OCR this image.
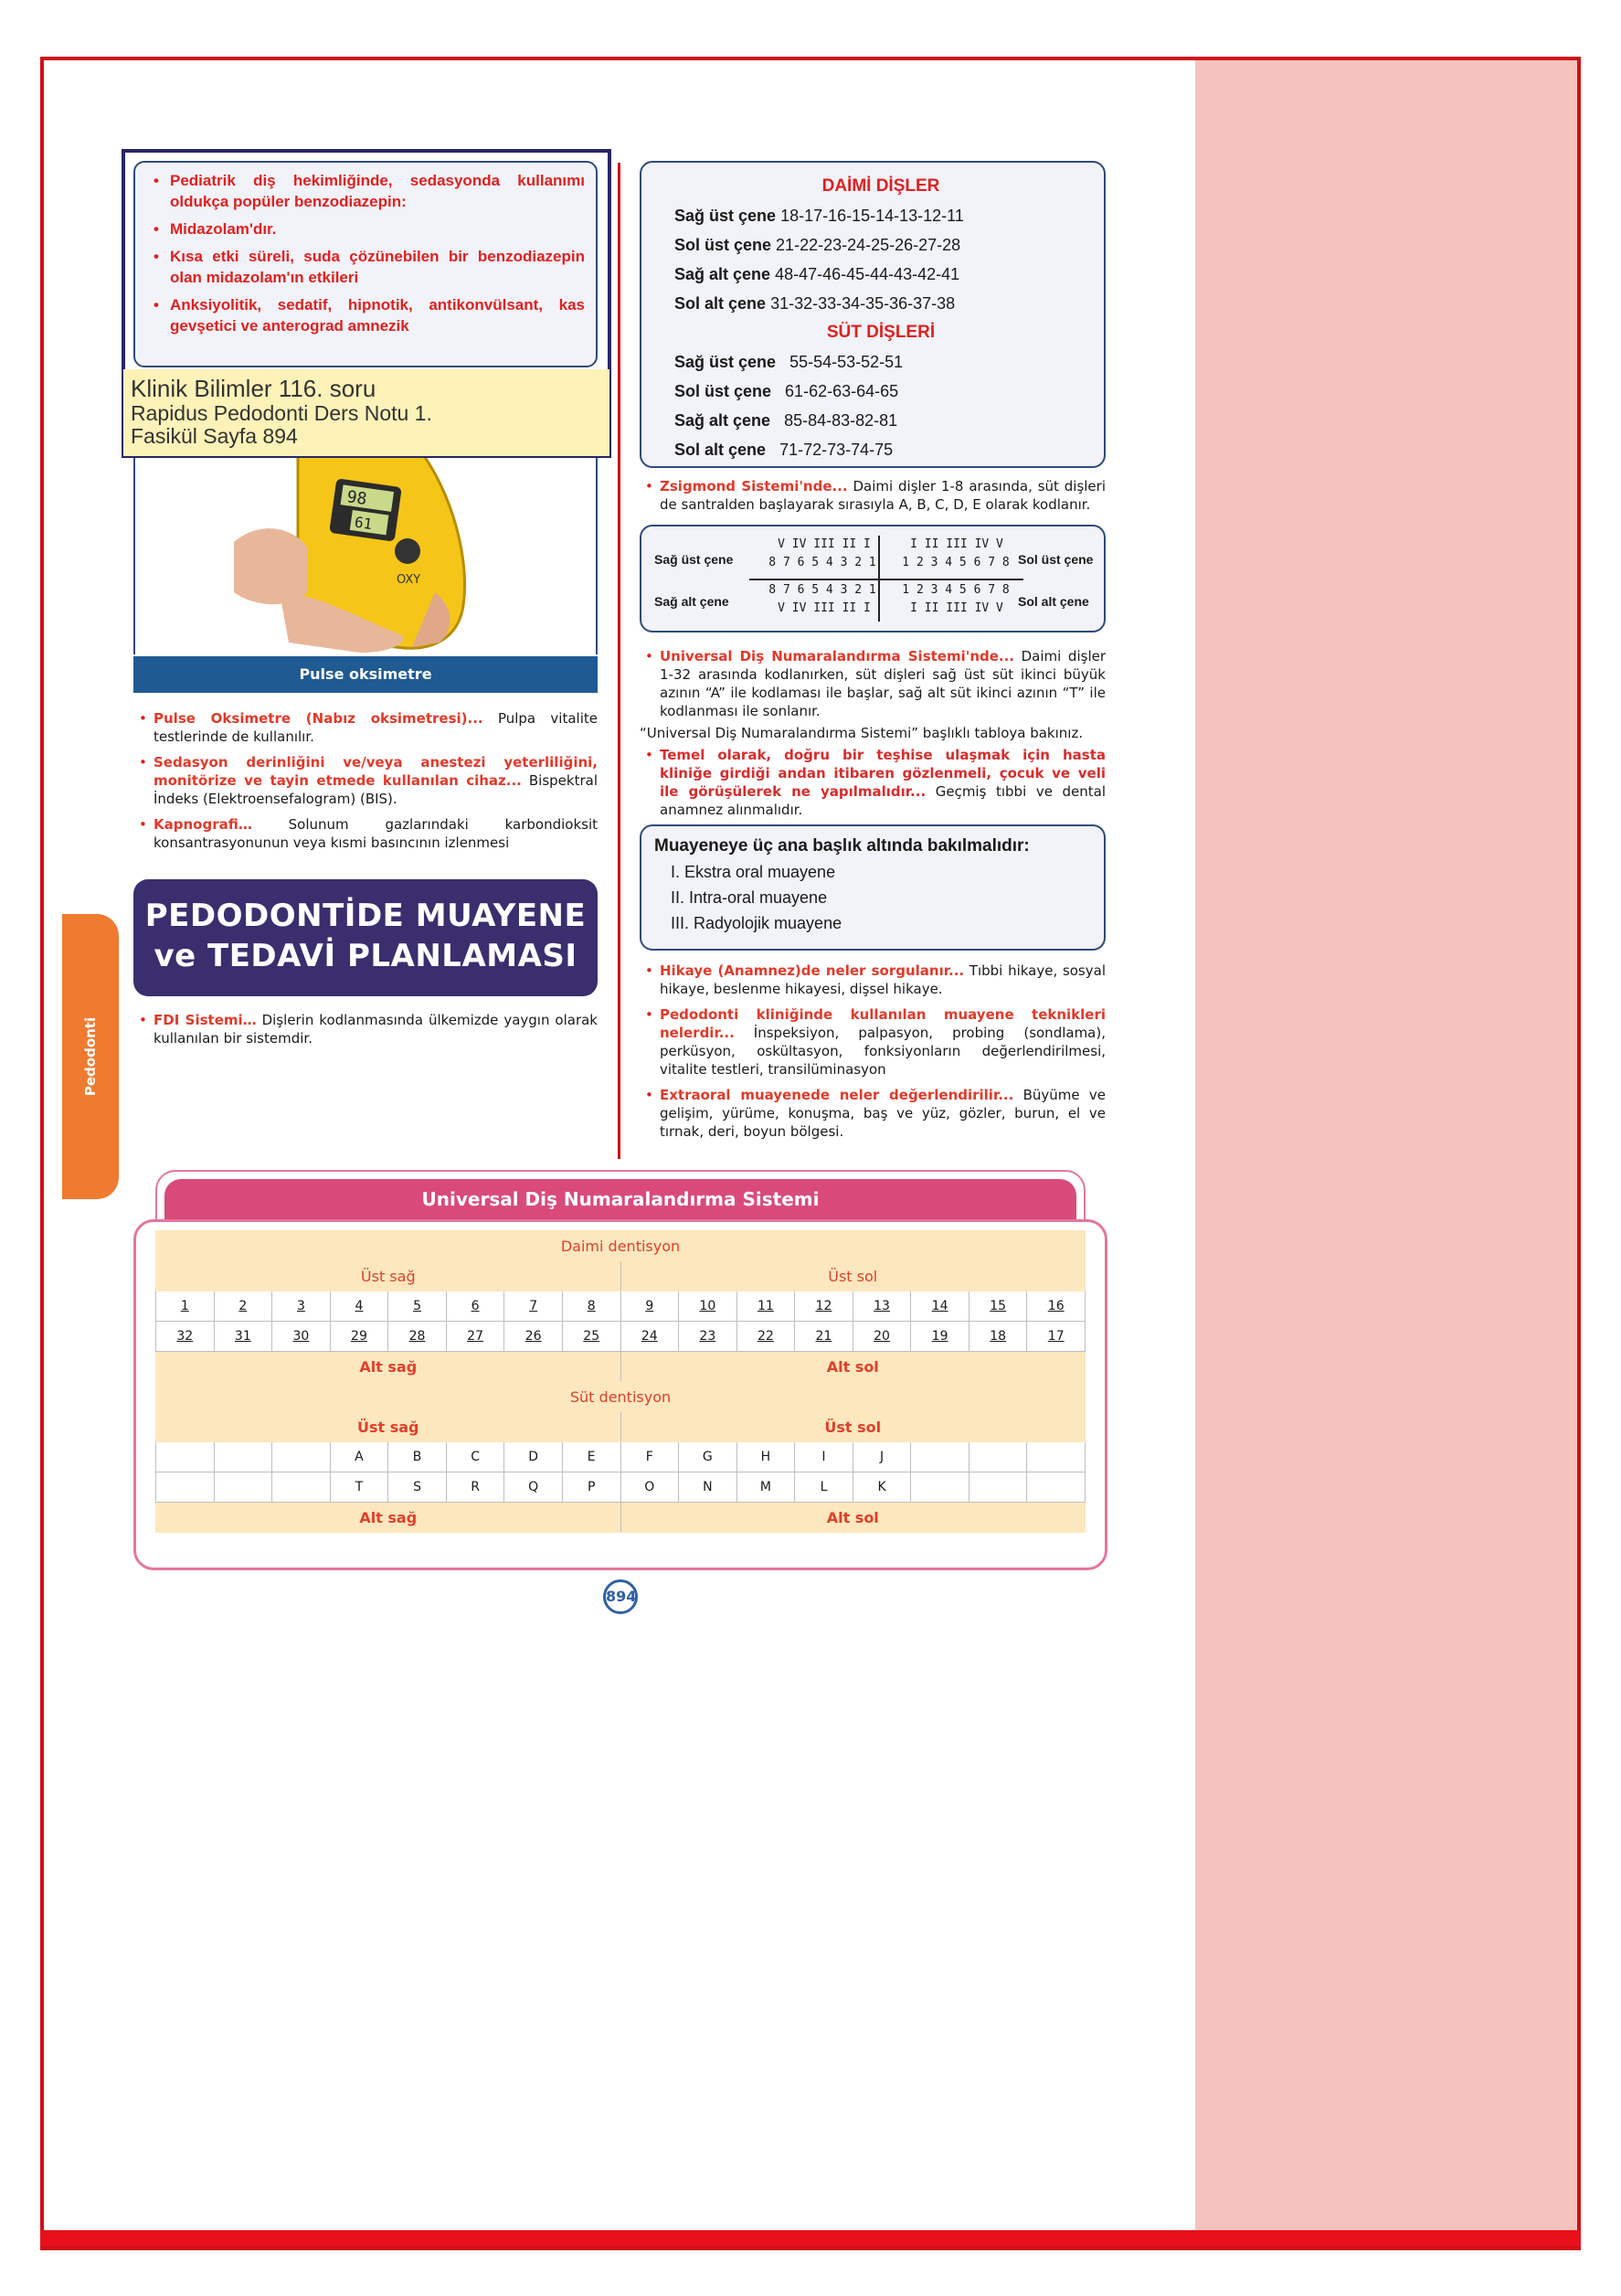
Pedodonti
• Pediatrik diş hekimliğinde, sedasyonda kullanımı oldukça popüler benzodiazepin:
• Midazolam'dır.
• Kısa etki süreli, suda çözünebilen bir benzodiazepin olan midazolam'ın etkileri
• Anksiyolitik, sedatif, hipnotik, antikonvülsant, kas gevşetici ve anterograd amnezik
98
61
OXY
Pulse oksimetre
• Pulse Oksimetre (Nabız oksimetresi)... Pulpa vitalite testlerinde de kullanılır.
• Sedasyon derinliğini ve/veya anestezi yeterliliğini, monitörize ve tayin etmede kullanılan cihaz... Bispektral İndeks (Elektroensefalogram) (BIS).
• Kapnografi… Solunum gazlarındaki karbondioksit konsantrasyonunun veya kısmi basıncının izlenmesi
PEDODONTİDE MUAYENE
ve TEDAVİ PLANLAMASI
• FDI Sistemi… Dişlerin kodlanmasında ülkemizde yaygın olarak kullanılan bir sistemdir.
Klinik Bilimler 116. soru
Rapidus Pedodonti Ders Notu 1.
Fasikül Sayfa 894
DAİMİ DİŞLER
Sağ üst çene 18-17-16-15-14-13-12-11
Sol üst çene 21-22-23-24-25-26-27-28
Sağ alt çene 48-47-46-45-44-43-42-41
Sol alt çene 31-32-33-34-35-36-37-38
SÜT DİŞLERİ
Sağ üst çene 55-54-53-52-51
Sol üst çene 61-62-63-64-65
Sağ alt çene 85-84-83-82-81
Sol alt çene 71-72-73-74-75
• Zsigmond Sistemi'nde... Daimi dişler 1-8 arasında, süt dişleri de santralden başlayarak sırasıyla A, B, C, D, E olarak kodlanır.
Sağ üst çene	Sol üst çene
Sağ alt çene	Sol alt çene
V IV III II I	I II III IV V
8 7 6 5 4 3 2 1	1 2 3 4 5 6 7 8
8 7 6 5 4 3 2 1	1 2 3 4 5 6 7 8
V IV III II I	I II III IV V
• Universal Diş Numaralandırma Sistemi'nde... Daimi dişler 1-32 arasında kodlanırken, süt dişleri sağ üst süt ikinci büyük azının “A” ile kodlaması ile başlar, sağ alt süt ikinci azının “T” ile kodlanması ile sonlanır.
“Universal Diş Numaralandırma Sistemi” başlıklı tabloya bakınız.
• Temel olarak, doğru bir teşhise ulaşmak için hasta kliniğe girdiği andan itibaren gözlenmeli, çocuk ve veli ile görüşülerek ne yapılmalıdır... Geçmiş tıbbi ve dental anamnez alınmalıdır.
Muayeneye üç ana başlık altında bakılmalıdır:
I. Ekstra oral muayene
II. Intra-oral muayene
III. Radyolojik muayene
• Hikaye (Anamnez)de neler sorgulanır... Tıbbi hikaye, sosyal hikaye, beslenme hikayesi, dişsel hikaye.
• Pedodonti kliniğinde kullanılan muayene teknikleri nelerdir... İnspeksiyon, palpasyon, probing (sondlama), perküsyon, oskültasyon, fonksiyonların değerlendirilmesi, vitalite testleri, transilüminasyon
• Extraoral muayenede neler değerlendirilir... Büyüme ve gelişim, yürüme, konuşma, baş ve yüz, gözler, burun, el ve tırnak, deri, boyun bölgesi.
Universal Diş Numaralandırma Sistemi
Daimi dentisyon															
Üst sağ								Üst sol							
1	2	3	4	5	6	7	8	9	10	11	12	13	14	15	16
32	31	30	29	28	27	26	25	24	23	22	21	20	19	18	17
Alt sağ								Alt sol							
Süt dentisyon															
Üst sağ								Üst sol							
			A	B	C	D	E	F	G	H	I	J			
			T	S	R	Q	P	O	N	M	L	K			
Alt sağ								Alt sol							
894
